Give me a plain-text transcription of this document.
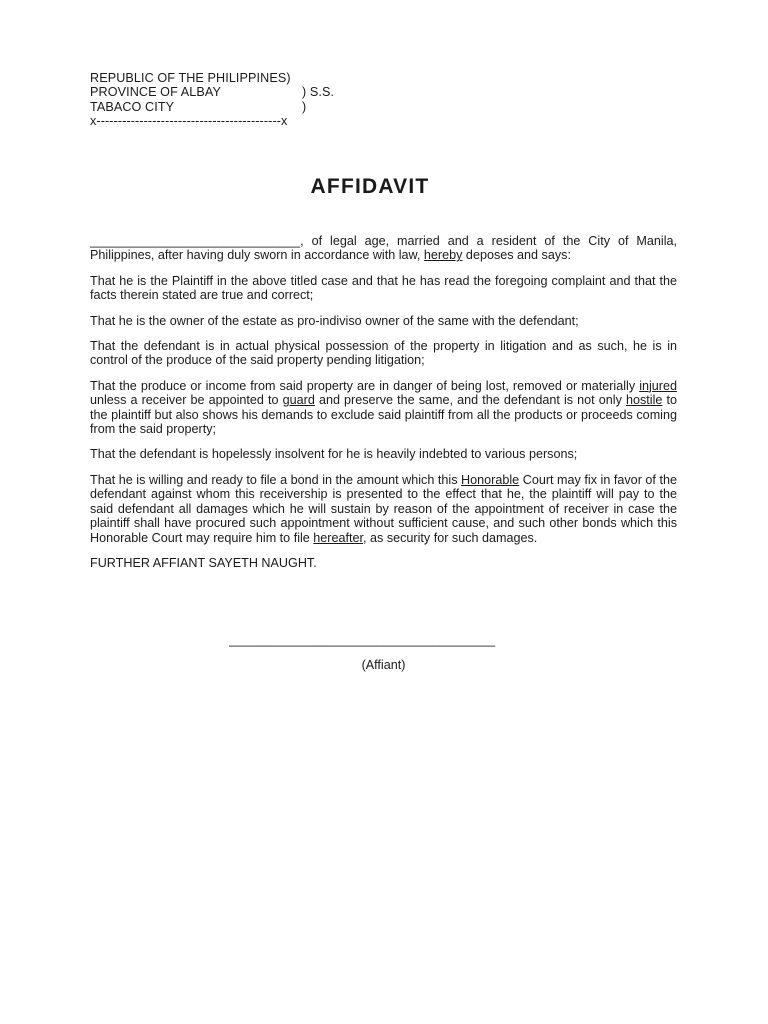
REPUBLIC OF THE PHILIPPINES)
PROVINCE OF ALBAY	) S.S.
TABACO CITY	)
x-------------------------------------------x
AFFIDAVIT

______________________________, of legal age, married and a resident of the City of Manila, Philippines, after having duly sworn in accordance with law, hereby deposes and says:

That he is the Plaintiff in the above titled case and that he has read the foregoing complaint and that the facts therein stated are true and correct;

That he is the owner of the estate as pro-indiviso owner of the same with the defendant;

That the defendant is in actual physical possession of the property in litigation and as such, he is in control of the produce of the said property pending litigation;

That the produce or income from said property are in danger of being lost, removed or materially injured unless a receiver be appointed to guard and preserve the same, and the defendant is not only hostile to the plaintiff but also shows his demands to exclude said plaintiff from all the products or proceeds coming from the said property;

That the defendant is hopelessly insolvent for he is heavily indebted to various persons;

That he is willing and ready to file a bond in the amount which this Honorable Court may fix in favor of the defendant against whom this receivership is presented to the effect that he, the plaintiff will pay to the said defendant all damages which he will sustain by reason of the appointment of receiver in case the plaintiff shall have procured such appointment without sufficient cause, and such other bonds which this Honorable Court may require him to file hereafter, as security for such damages.

FURTHER AFFIANT SAYETH NAUGHT.

______________________________________
(Affiant)
